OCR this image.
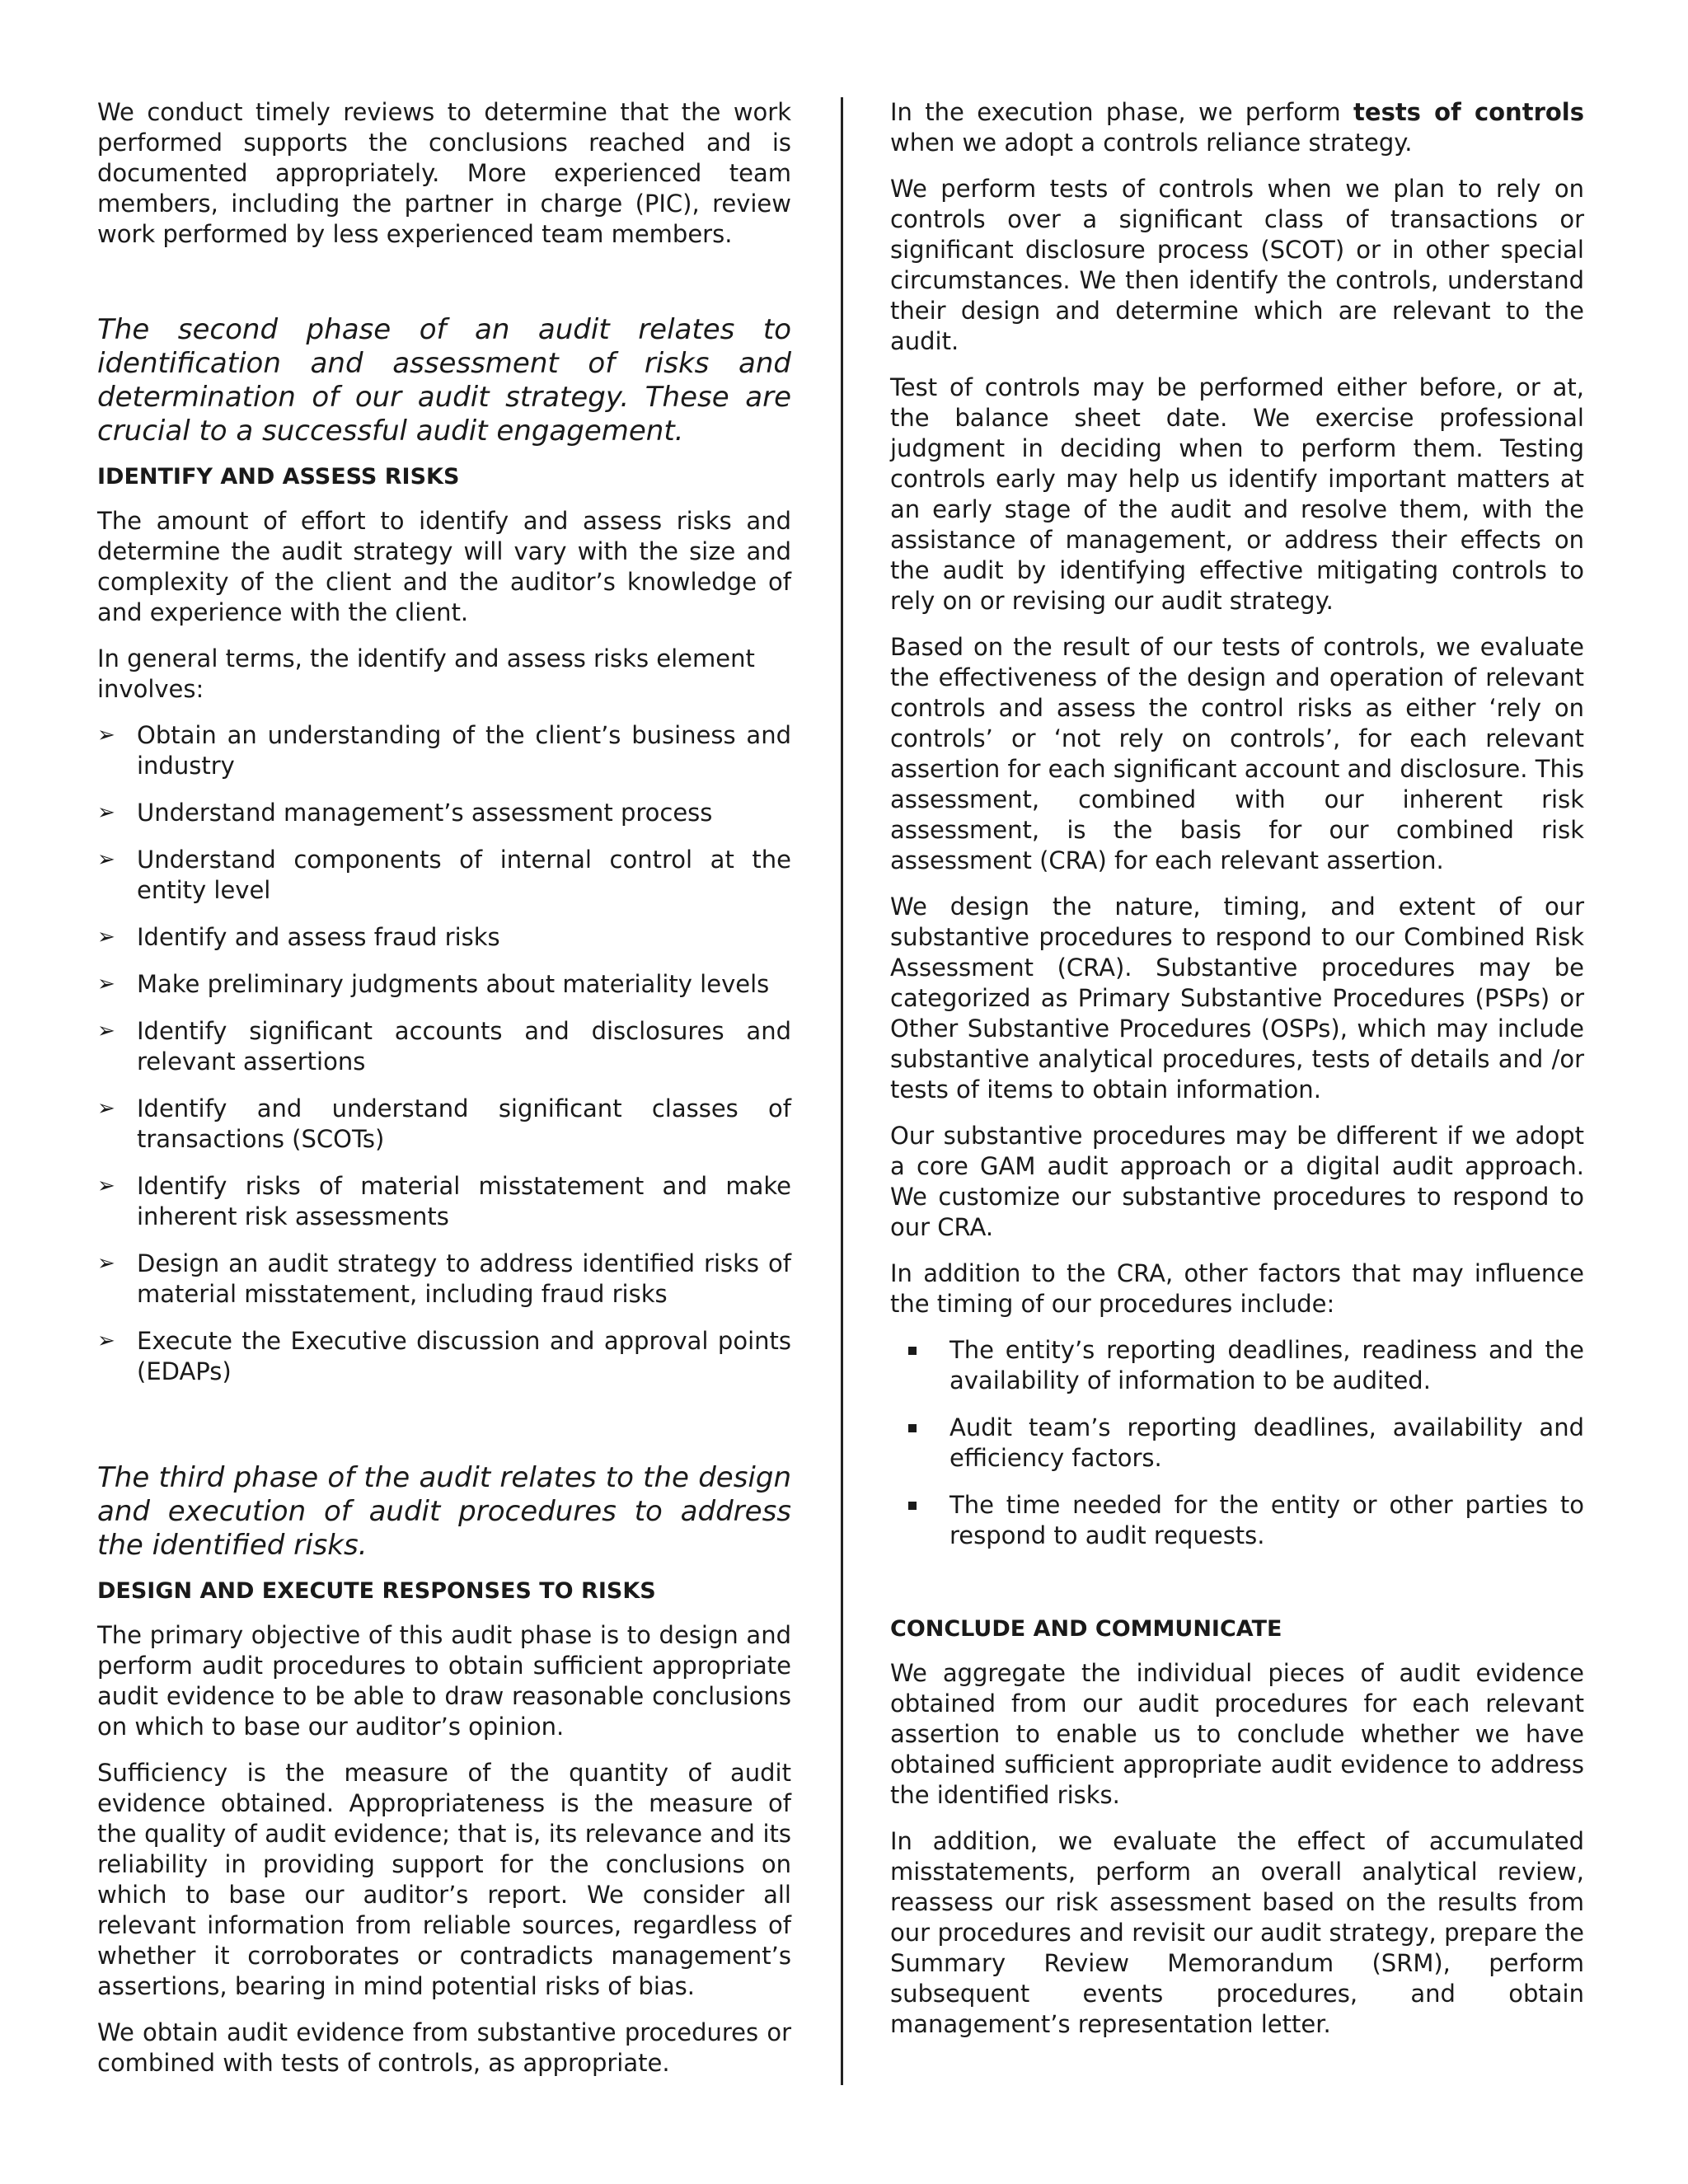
We conduct timely reviews to determine that the work performed supports the conclusions reached and is documented appropriately. More experienced team members, including the partner in charge (PIC), review work performed by less experienced team members.

The second phase of an audit relates to identification and assessment of risks and determination of our audit strategy. These are crucial to a successful audit engagement.

IDENTIFY AND ASSESS RISKS

The amount of effort to identify and assess risks and determine the audit strategy will vary with the size and complexity of the client and the auditor’s knowledge of and experience with the client.

In general terms, the identify and assess risks element involves:

➢ Obtain an understanding of the client’s business and industry
➢ Understand management’s assessment process
➢ Understand components of internal control at the entity level
➢ Identify and assess fraud risks
➢ Make preliminary judgments about materiality levels
➢ Identify significant accounts and disclosures and relevant assertions
➢ Identify and understand significant classes of transactions (SCOTs)
➢ Identify risks of material misstatement and make inherent risk assessments
➢ Design an audit strategy to address identified risks of material misstatement, including fraud risks
➢ Execute the Executive discussion and approval points (EDAPs)

The third phase of the audit relates to the design and execution of audit procedures to address the identified risks.

DESIGN AND EXECUTE RESPONSES TO RISKS

The primary objective of this audit phase is to design and perform audit procedures to obtain sufficient appropriate audit evidence to be able to draw reasonable conclusions on which to base our auditor’s opinion.

Sufficiency is the measure of the quantity of audit evidence obtained. Appropriateness is the measure of the quality of audit evidence; that is, its relevance and its reliability in providing support for the conclusions on which to base our auditor’s report. We consider all relevant information from reliable sources, regardless of whether it corroborates or contradicts management’s assertions, bearing in mind potential risks of bias.

We obtain audit evidence from substantive procedures or combined with tests of controls, as appropriate.

In the execution phase, we perform tests of controls when we adopt a controls reliance strategy.

We perform tests of controls when we plan to rely on controls over a significant class of transactions or significant disclosure process (SCOT) or in other special circumstances. We then identify the controls, understand their design and determine which are relevant to the audit.

Test of controls may be performed either before, or at, the balance sheet date. We exercise professional judgment in deciding when to perform them. Testing controls early may help us identify important matters at an early stage of the audit and resolve them, with the assistance of management, or address their effects on the audit by identifying effective mitigating controls to rely on or revising our audit strategy.

Based on the result of our tests of controls, we evaluate the effectiveness of the design and operation of relevant controls and assess the control risks as either ‘rely on controls’ or ‘not rely on controls’, for each relevant assertion for each significant account and disclosure. This assessment, combined with our inherent risk assessment, is the basis for our combined risk assessment (CRA) for each relevant assertion.

We design the nature, timing, and extent of our substantive procedures to respond to our Combined Risk Assessment (CRA). Substantive procedures may be categorized as Primary Substantive Procedures (PSPs) or Other Substantive Procedures (OSPs), which may include substantive analytical procedures, tests of details and /or tests of items to obtain information.

Our substantive procedures may be different if we adopt a core GAM audit approach or a digital audit approach. We customize our substantive procedures to respond to our CRA.

In addition to the CRA, other factors that may influence the timing of our procedures include:

The entity’s reporting deadlines, readiness and the availability of information to be audited.
Audit team’s reporting deadlines, availability and efficiency factors.
The time needed for the entity or other parties to respond to audit requests.
CONCLUDE AND COMMUNICATE

We aggregate the individual pieces of audit evidence obtained from our audit procedures for each relevant assertion to enable us to conclude whether we have obtained sufficient appropriate audit evidence to address the identified risks.

In addition, we evaluate the effect of accumulated misstatements, perform an overall analytical review, reassess our risk assessment based on the results from our procedures and revisit our audit strategy, prepare the Summary Review Memorandum (SRM), perform subsequent events procedures, and obtain management’s representation letter.
